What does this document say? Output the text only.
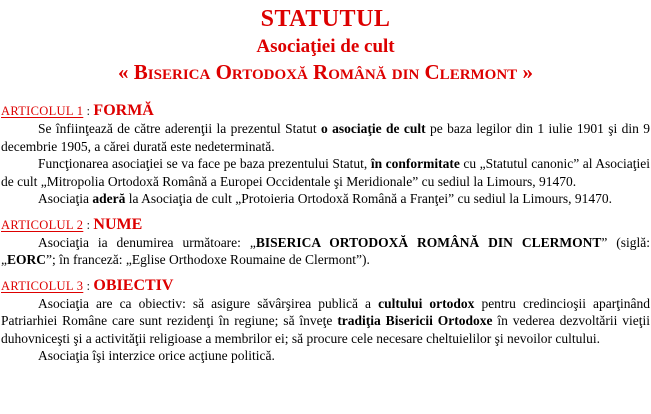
STATUTUL
Asociaţiei de cult
« Biserica Ortodoxă Română din Clermont »
ARTICOLUL 1 : FORMĂ

Se înfiinţează de către aderenţii la prezentul Statut o asociaţie de cult pe baza legilor din 1 iulie 1901 şi din 9 decembrie 1905, a cărei durată este nedeterminată.

Funcţionarea asociaţiei se va face pe baza prezentului Statut, în conformitate cu „Statutul canonic” al Asociaţiei de cult „Mitropolia Ortodoxă Română a Europei Occidentale şi Meridionale” cu sediul la Limours, 91470.

Asociaţia aderă la Asociaţia de cult „Protoieria Ortodoxă Română a Franţei” cu sediul la Limours, 91470.

ARTICOLUL 2 : NUME

Asociaţia ia denumirea următoare: „BISERICA ORTODOXĂ ROMÂNĂ DIN CLERMONT” (siglă: „EORC”; în franceză: „Eglise Orthodoxe Roumaine de Clermont”).

ARTICOLUL 3 : OBIECTIV

Asociaţia are ca obiectiv: să asigure săvârşirea publică a cultului ortodox pentru credincioşii aparţinând Patriarhiei Române care sunt rezidenţi în regiune; să înveţe tradiţia Bisericii Ortodoxe în vederea dezvoltării vieţii duhovniceşti şi a activităţii religioase a membrilor ei; să procure cele necesare cheltuielilor şi nevoilor cultului.

Asociaţia îşi interzice orice acţiune politică.
